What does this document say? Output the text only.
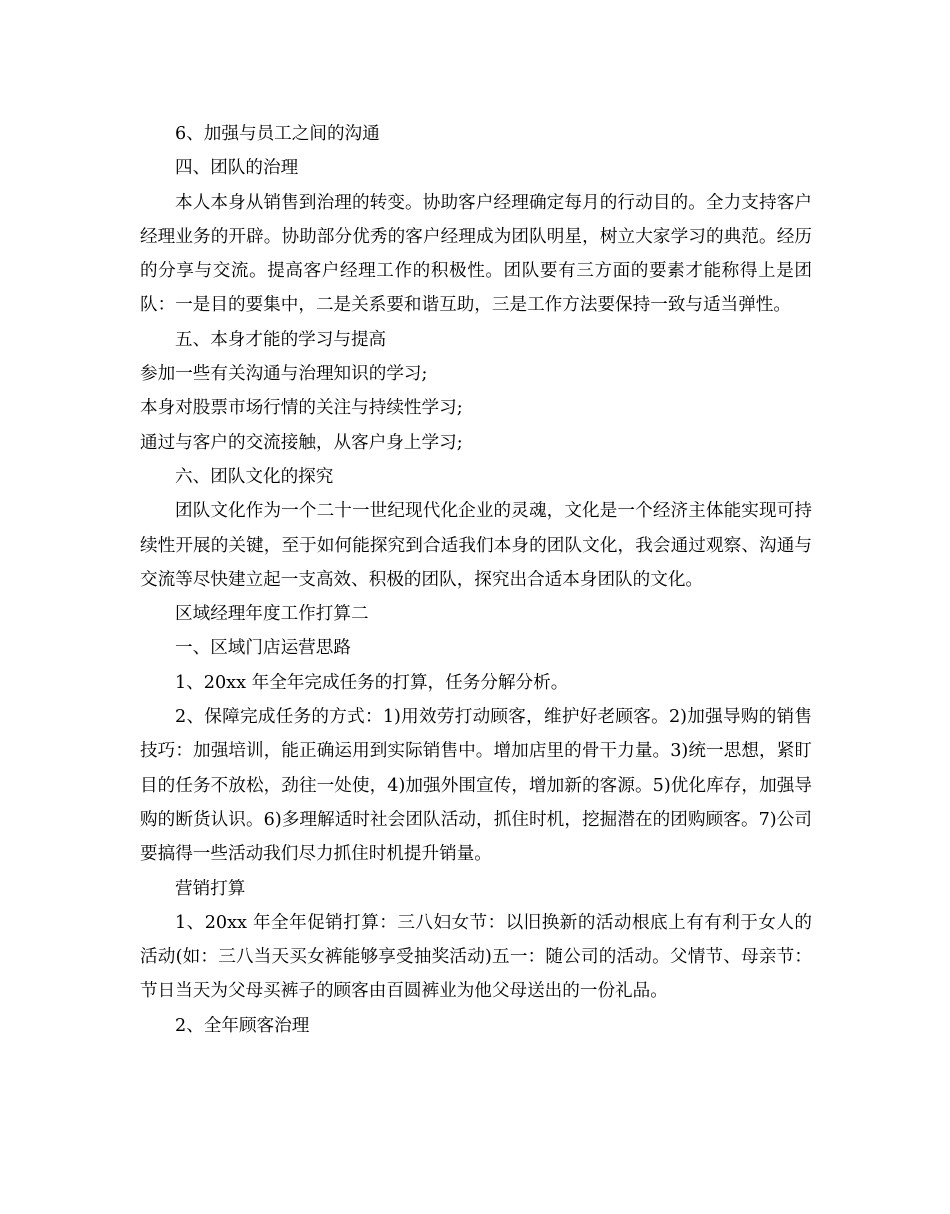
6、加强与员工之间的沟通

四、团队的治理

本人本身从销售到治理的转变。协助客户经理确定每月的行动目的。全力支持客户经理业务的开辟。协助部分优秀的客户经理成为团队明星，树立大家学习的典范。经历的分享与交流。提高客户经理工作的积极性。团队要有三方面的要素才能称得上是团队：一是目的要集中，二是关系要和谐互助，三是工作方法要保持一致与适当弹性。

五、本身才能的学习与提高

参加一些有关沟通与治理知识的学习;

本身对股票市场行情的关注与持续性学习;

通过与客户的交流接触，从客户身上学习;

六、团队文化的探究

团队文化作为一个二十一世纪现代化企业的灵魂，文化是一个经济主体能实现可持续性开展的关键，至于如何能探究到合适我们本身的团队文化，我会通过观察、沟通与交流等尽快建立起一支高效、积极的团队，探究出合适本身团队的文化。

区域经理年度工作打算二

一、区域门店运营思路

1、20xx 年全年完成任务的打算，任务分解分析。

2、保障完成任务的方式：1)用效劳打动顾客，维护好老顾客。2)加强导购的销售技巧：加强培训，能正确运用到实际销售中。增加店里的骨干力量。3)统一思想，紧盯目的任务不放松，劲往一处使，4)加强外围宣传，增加新的客源。5)优化库存，加强导购的断货认识。6)多理解适时社会团队活动，抓住时机，挖掘潜在的团购顾客。7)公司要搞得一些活动我们尽力抓住时机提升销量。

营销打算

1、20xx 年全年促销打算：三八妇女节：以旧换新的活动根底上有有利于女人的活动(如：三八当天买女裤能够享受抽奖活动)五一：随公司的活动。父情节、母亲节：节日当天为父母买裤子的顾客由百圆裤业为他父母送出的一份礼品。

2、全年顾客治理
